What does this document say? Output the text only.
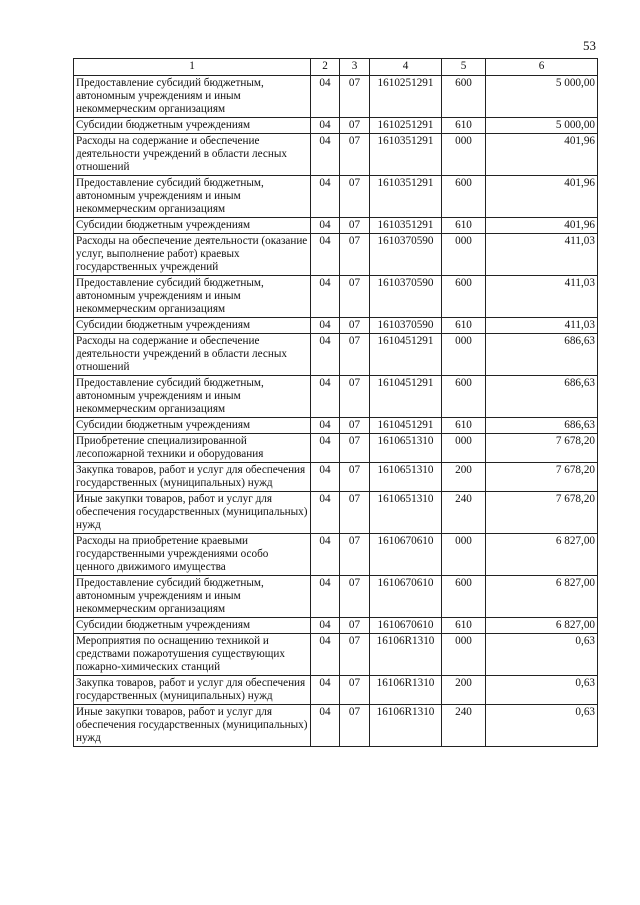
53
1	2	3	4	5	6
Предоставление субсидий бюджетным, автономным учреждениям и иным некоммерческим организациям	04	07	1610251291	600	5 000,00
Субсидии бюджетным учреждениям	04	07	1610251291	610	5 000,00
Расходы на содержание и обеспечение деятельности учреждений в области лесных отношений	04	07	1610351291	000	401,96
Предоставление субсидий бюджетным, автономным учреждениям и иным некоммерческим организациям	04	07	1610351291	600	401,96
Субсидии бюджетным учреждениям	04	07	1610351291	610	401,96
Расходы на обеспечение деятельности (оказание услуг, выполнение работ) краевых государственных учреждений	04	07	1610370590	000	411,03
Предоставление субсидий бюджетным, автономным учреждениям и иным некоммерческим организациям	04	07	1610370590	600	411,03
Субсидии бюджетным учреждениям	04	07	1610370590	610	411,03
Расходы на содержание и обеспечение деятельности учреждений в области лесных отношений	04	07	1610451291	000	686,63
Предоставление субсидий бюджетным, автономным учреждениям и иным некоммерческим организациям	04	07	1610451291	600	686,63
Субсидии бюджетным учреждениям	04	07	1610451291	610	686,63
Приобретение специализированной лесопожарной техники и оборудования	04	07	1610651310	000	7 678,20
Закупка товаров, работ и услуг для обеспечения государственных (муниципальных) нужд	04	07	1610651310	200	7 678,20
Иные закупки товаров, работ и услуг для обеспечения государственных (муниципальных) нужд	04	07	1610651310	240	7 678,20
Расходы на приобретение краевыми государственными учреждениями особо ценного движимого имущества	04	07	1610670610	000	6 827,00
Предоставление субсидий бюджетным, автономным учреждениям и иным некоммерческим организациям	04	07	1610670610	600	6 827,00
Субсидии бюджетным учреждениям	04	07	1610670610	610	6 827,00
Мероприятия по оснащению техникой и средствами пожаротушения существующих пожарно-химических станций	04	07	16106R1310	000	0,63
Закупка товаров, работ и услуг для обеспечения государственных (муниципальных) нужд	04	07	16106R1310	200	0,63
Иные закупки товаров, работ и услуг для обеспечения государственных (муниципальных) нужд	04	07	16106R1310	240	0,63
